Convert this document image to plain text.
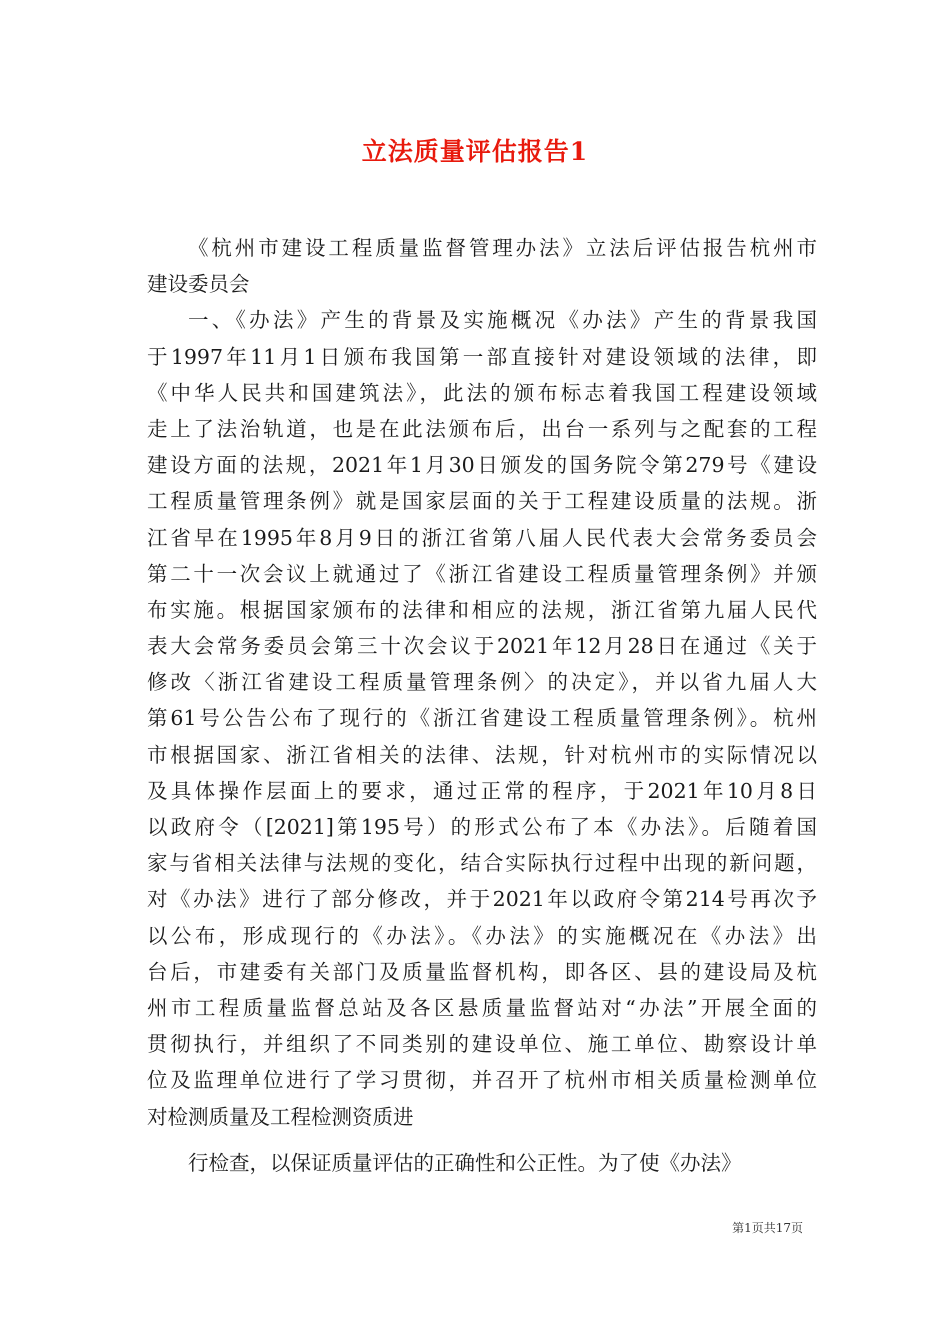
立法质量评估报告1
《杭州市建设工程质量监督管理办法》立法后评估报告杭州市
建设委员会
一、《办法》产生的背景及实施概况《办法》产生的背景我国
于1997年11月1日颁布我国第一部直接针对建设领域的法律，即
《中华人民共和国建筑法》，此法的颁布标志着我国工程建设领域
走上了法治轨道，也是在此法颁布后，出台一系列与之配套的工程
建设方面的法规，2021年1月30日颁发的国务院令第279号《建设
工程质量管理条例》就是国家层面的关于工程建设质量的法规。浙
江省早在1995年8月9日的浙江省第八届人民代表大会常务委员会
第二十一次会议上就通过了《浙江省建设工程质量管理条例》并颁
布实施。根据国家颁布的法律和相应的法规，浙江省第九届人民代
表大会常务委员会第三十次会议于2021年12月28日在通过《关于
修改〈浙江省建设工程质量管理条例〉的决定》，并以省九届人大
第61号公告公布了现行的《浙江省建设工程质量管理条例》。杭州
市根据国家、浙江省相关的法律、法规，针对杭州市的实际情况以
及具体操作层面上的要求，通过正常的程序，于2021年10月8日
以政府令（[2021]第195号）的形式公布了本《办法》。后随着国
家与省相关法律与法规的变化，结合实际执行过程中出现的新问题，
对《办法》进行了部分修改，并于2021年以政府令第214号再次予
以公布，形成现行的《办法》。《办法》的实施概况在《办法》出
台后，市建委有关部门及质量监督机构，即各区、县的建设局及杭
州市工程质量监督总站及各区悬质量监督站对“办法”开展全面的
贯彻执行，并组织了不同类别的建设单位、施工单位、勘察设计单
位及监理单位进行了学习贯彻，并召开了杭州市相关质量检测单位
对检测质量及工程检测资质进
行检查，以保证质量评估的正确性和公正性。为了使《办法》
第1页共17页
